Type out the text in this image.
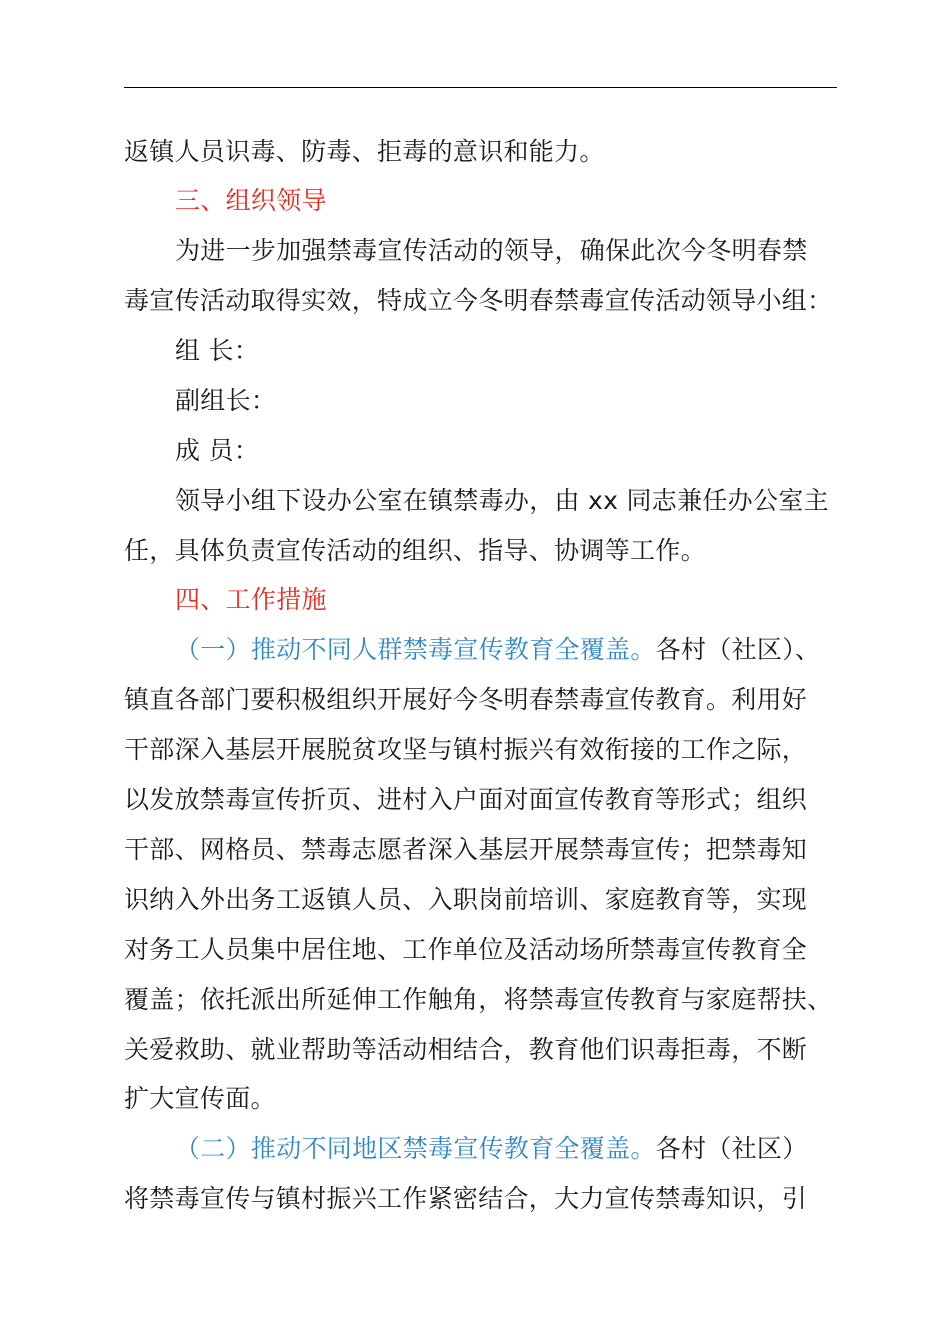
返镇人员识毒、防毒、拒毒的意识和能力。
三、组织领导
为进一步加强禁毒宣传活动的领导，确保此次今冬明春禁
毒宣传活动取得实效，特成立今冬明春禁毒宣传活动领导小组：
组 长：
副组长：
成 员：
领导小组下设办公室在镇禁毒办，由 xx 同志兼任办公室主
任，具体负责宣传活动的组织、指导、协调等工作。
四、工作措施
（一）推动不同人群禁毒宣传教育全覆盖。各村（社区）、
镇直各部门要积极组织开展好今冬明春禁毒宣传教育。利用好
干部深入基层开展脱贫攻坚与镇村振兴有效衔接的工作之际，
以发放禁毒宣传折页、进村入户面对面宣传教育等形式；组织
干部、网格员、禁毒志愿者深入基层开展禁毒宣传；把禁毒知
识纳入外出务工返镇人员、入职岗前培训、家庭教育等，实现
对务工人员集中居住地、工作单位及活动场所禁毒宣传教育全
覆盖；依托派出所延伸工作触角，将禁毒宣传教育与家庭帮扶、
关爱救助、就业帮助等活动相结合，教育他们识毒拒毒，不断
扩大宣传面。
（二）推动不同地区禁毒宣传教育全覆盖。各村（社区）
将禁毒宣传与镇村振兴工作紧密结合，大力宣传禁毒知识，引
